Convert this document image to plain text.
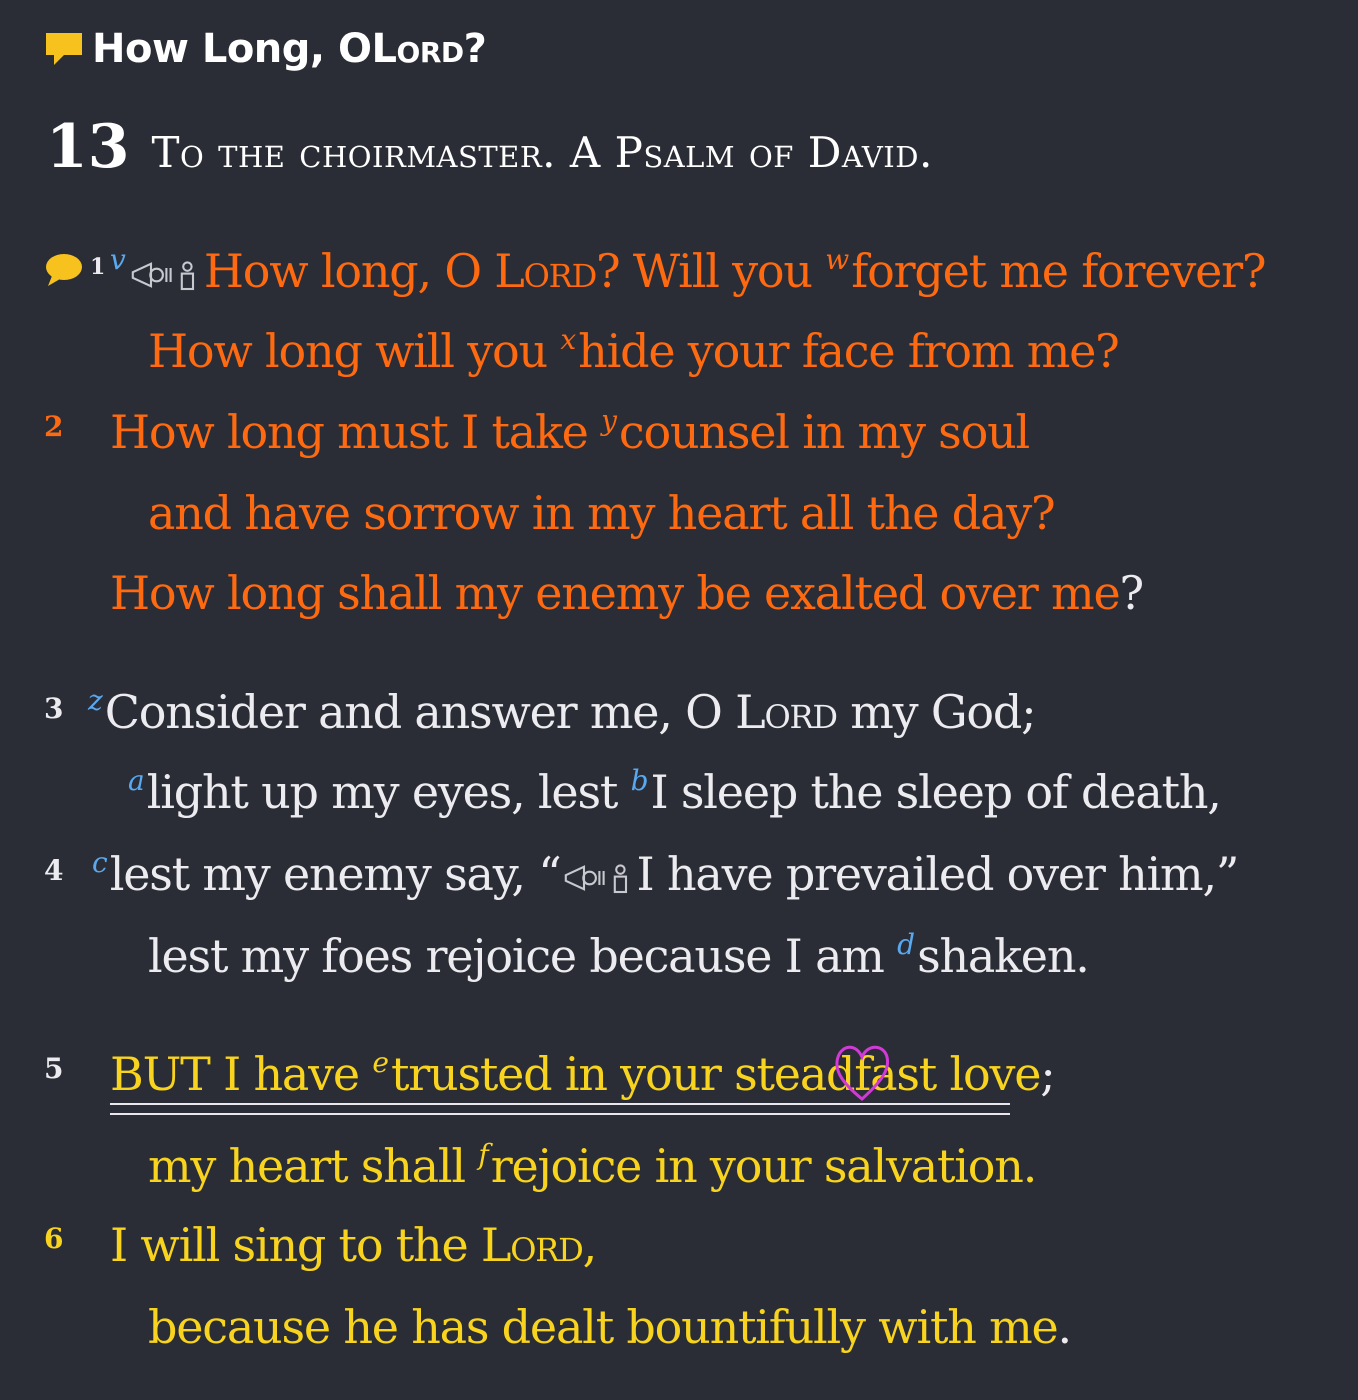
How Long, O Lord ?
13 To the choirmaster. A Psalm of David.
1 $^v$ How long, O Lord? Will you $^w$forget me forever?
How long will you $^x$hide your face from me?
2 How long must I take $^y$counsel in my soul
and have sorrow in my heart all the day?
How long shall my enemy be exalted over me?
3 $^z$Consider and answer me, O Lord my God;
$^a$light up my eyes, lest $^b$I sleep the sleep of death,
4 $^c$lest my enemy say, “ I have prevailed over him,”
lest my foes rejoice because I am $^d$shaken.
5 BUT I have $^e$trusted in your steadfast love;
my heart shall $^f$rejoice in your salvation.
6 I will sing to the Lord,
because he has dealt bountifully with me.
